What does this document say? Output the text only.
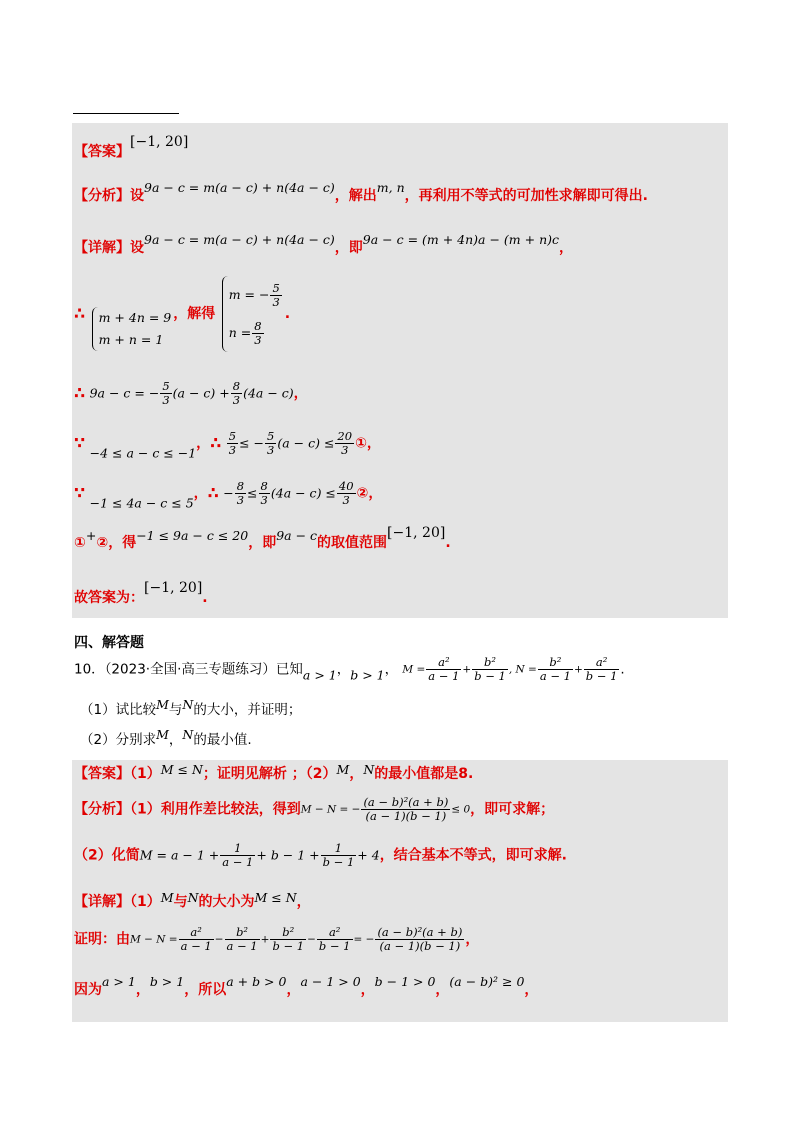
【答案】[−1, 20]
【分析】设9a − c = m(a − c) + n(4a − c)，解出m, n，再利用不等式的可加性求解即可得出.
【详解】设9a − c = m(a − c) + n(4a − c)，即9a − c = (m + 4n)a − (m + n)c，
∴ m + 4n = 9
m + n = 1
，解得
m = − $\frac{5}{3}$
$n = \frac{8}{3}$
.
∴ 9a − c = − $\frac{5}{3} (a - c) + \frac{8}{3} (4a - c)$，
∵ −4 ≤ a − c ≤ −1，∴ $\frac{5}{3}$ ≤ − $\frac{5}{3} (a - c) \le \frac{20}{3}$ ①，
∵ −1 ≤ 4a − c ≤ 5，∴ − $\frac{8}{3} \le \frac{8}{3} (4a - c) \le \frac{40}{3}$ ②，
①+②，得−1 ≤ 9a − c ≤ 20，即9a − c的取值范围[−1, 20].
故答案为：[−1, 20].
四、解答题
10．（2023·全国·高三专题练习）已知a > 1，b > 1， $M = \frac{\text{a²}}{a - 1} + \frac{\text{b²}}{b - 1}$ , $N = \frac{\text{b²}}{a - 1} + \frac{\text{a²}}{b - 1}$ .
（1）试比较M与N的大小，并证明；
（2）分别求M，N的最小值.
【答案】（1）M ≤ N；证明见解析 ；（2）M，N的最小值都是8.
【分析】（1）利用作差比较法，得到M − N = − $\frac{\text{(a − b)²(a + b)}}{(a - 1)(b - 1)} \le 0$，即可求解；
（2）化简$M = a - 1 + \frac{1}{a - 1} + b - 1 + \frac{1}{b - 1} + 4$，结合基本不等式，即可求解.
【详解】（1）M与N的大小为M ≤ N，
证明：由$M - N = \frac{\text{a²}}{a - 1} - \frac{\text{b²}}{a - 1} + \frac{\text{b²}}{b - 1} - \frac{\text{a²}}{b - 1}$ = − $\frac{\text{(a − b)²(a + b)}}{(a - 1)(b - 1)}$ ，
因为a > 1，b > 1，所以a + b > 0，a − 1 > 0，b − 1 > 0，(a − b)² ≥ 0，
